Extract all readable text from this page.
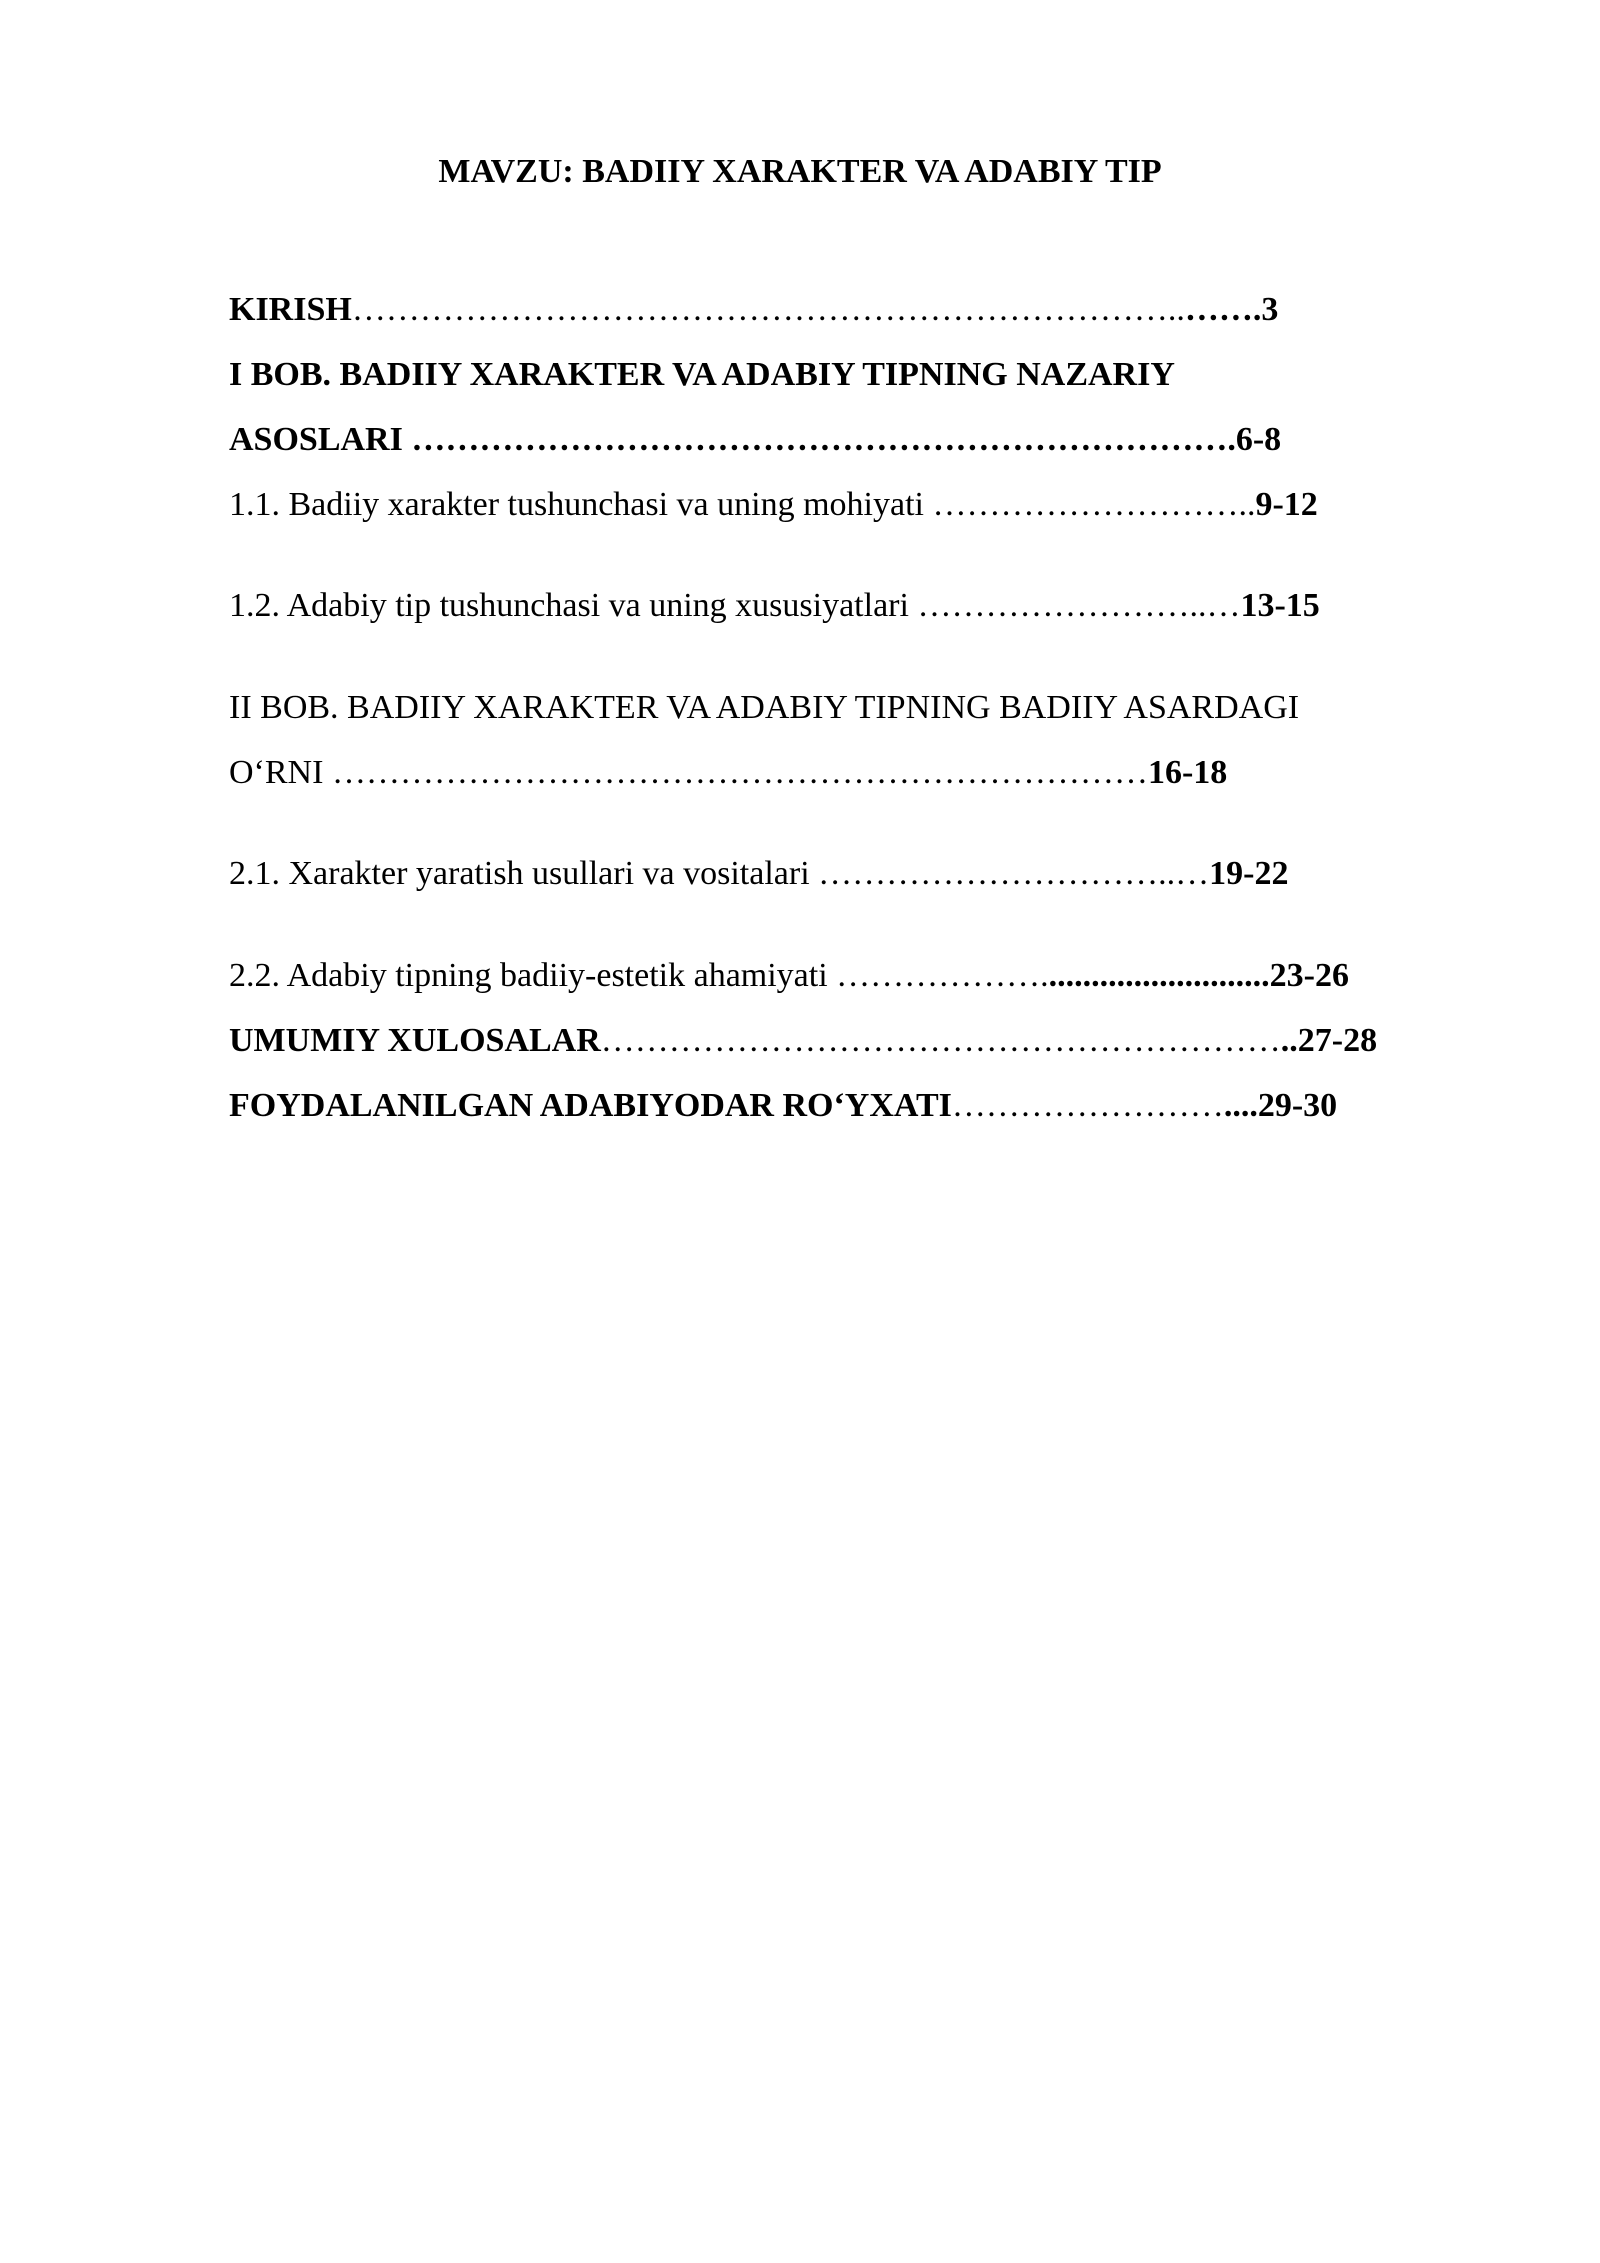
MAVZU: BADIIY XARAKTER VA ADABIY TIP
KIRISH………………………………………………………………..…….3
I BOB. BADIIY XARAKTER VA ADABIY TIPNING NAZARIY
ASOSLARI ……………………………………………………………….6-8
1.1. Badiiy xarakter tushunchasi va uning mohiyati ………………………..9-12
1.2. Adabiy tip tushunchasi va uning xususiyatlari ……………………..…13-15
II BOB. BADIIY XARAKTER VA ADABIY TIPNING BADIIY ASARDAGI
O‘RNI ………………………………………………………………16-18
2.1. Xarakter yaratish usullari va vositalari …………………………..…19-22
2.2. Adabiy tipning badiiy-estetik ahamiyati ………………...........................23-26
UMUMIY XULOSALAR……………………………………………………..27-28
FOYDALANILGAN ADABIYODAR RO‘YXATI……………………....29-30
